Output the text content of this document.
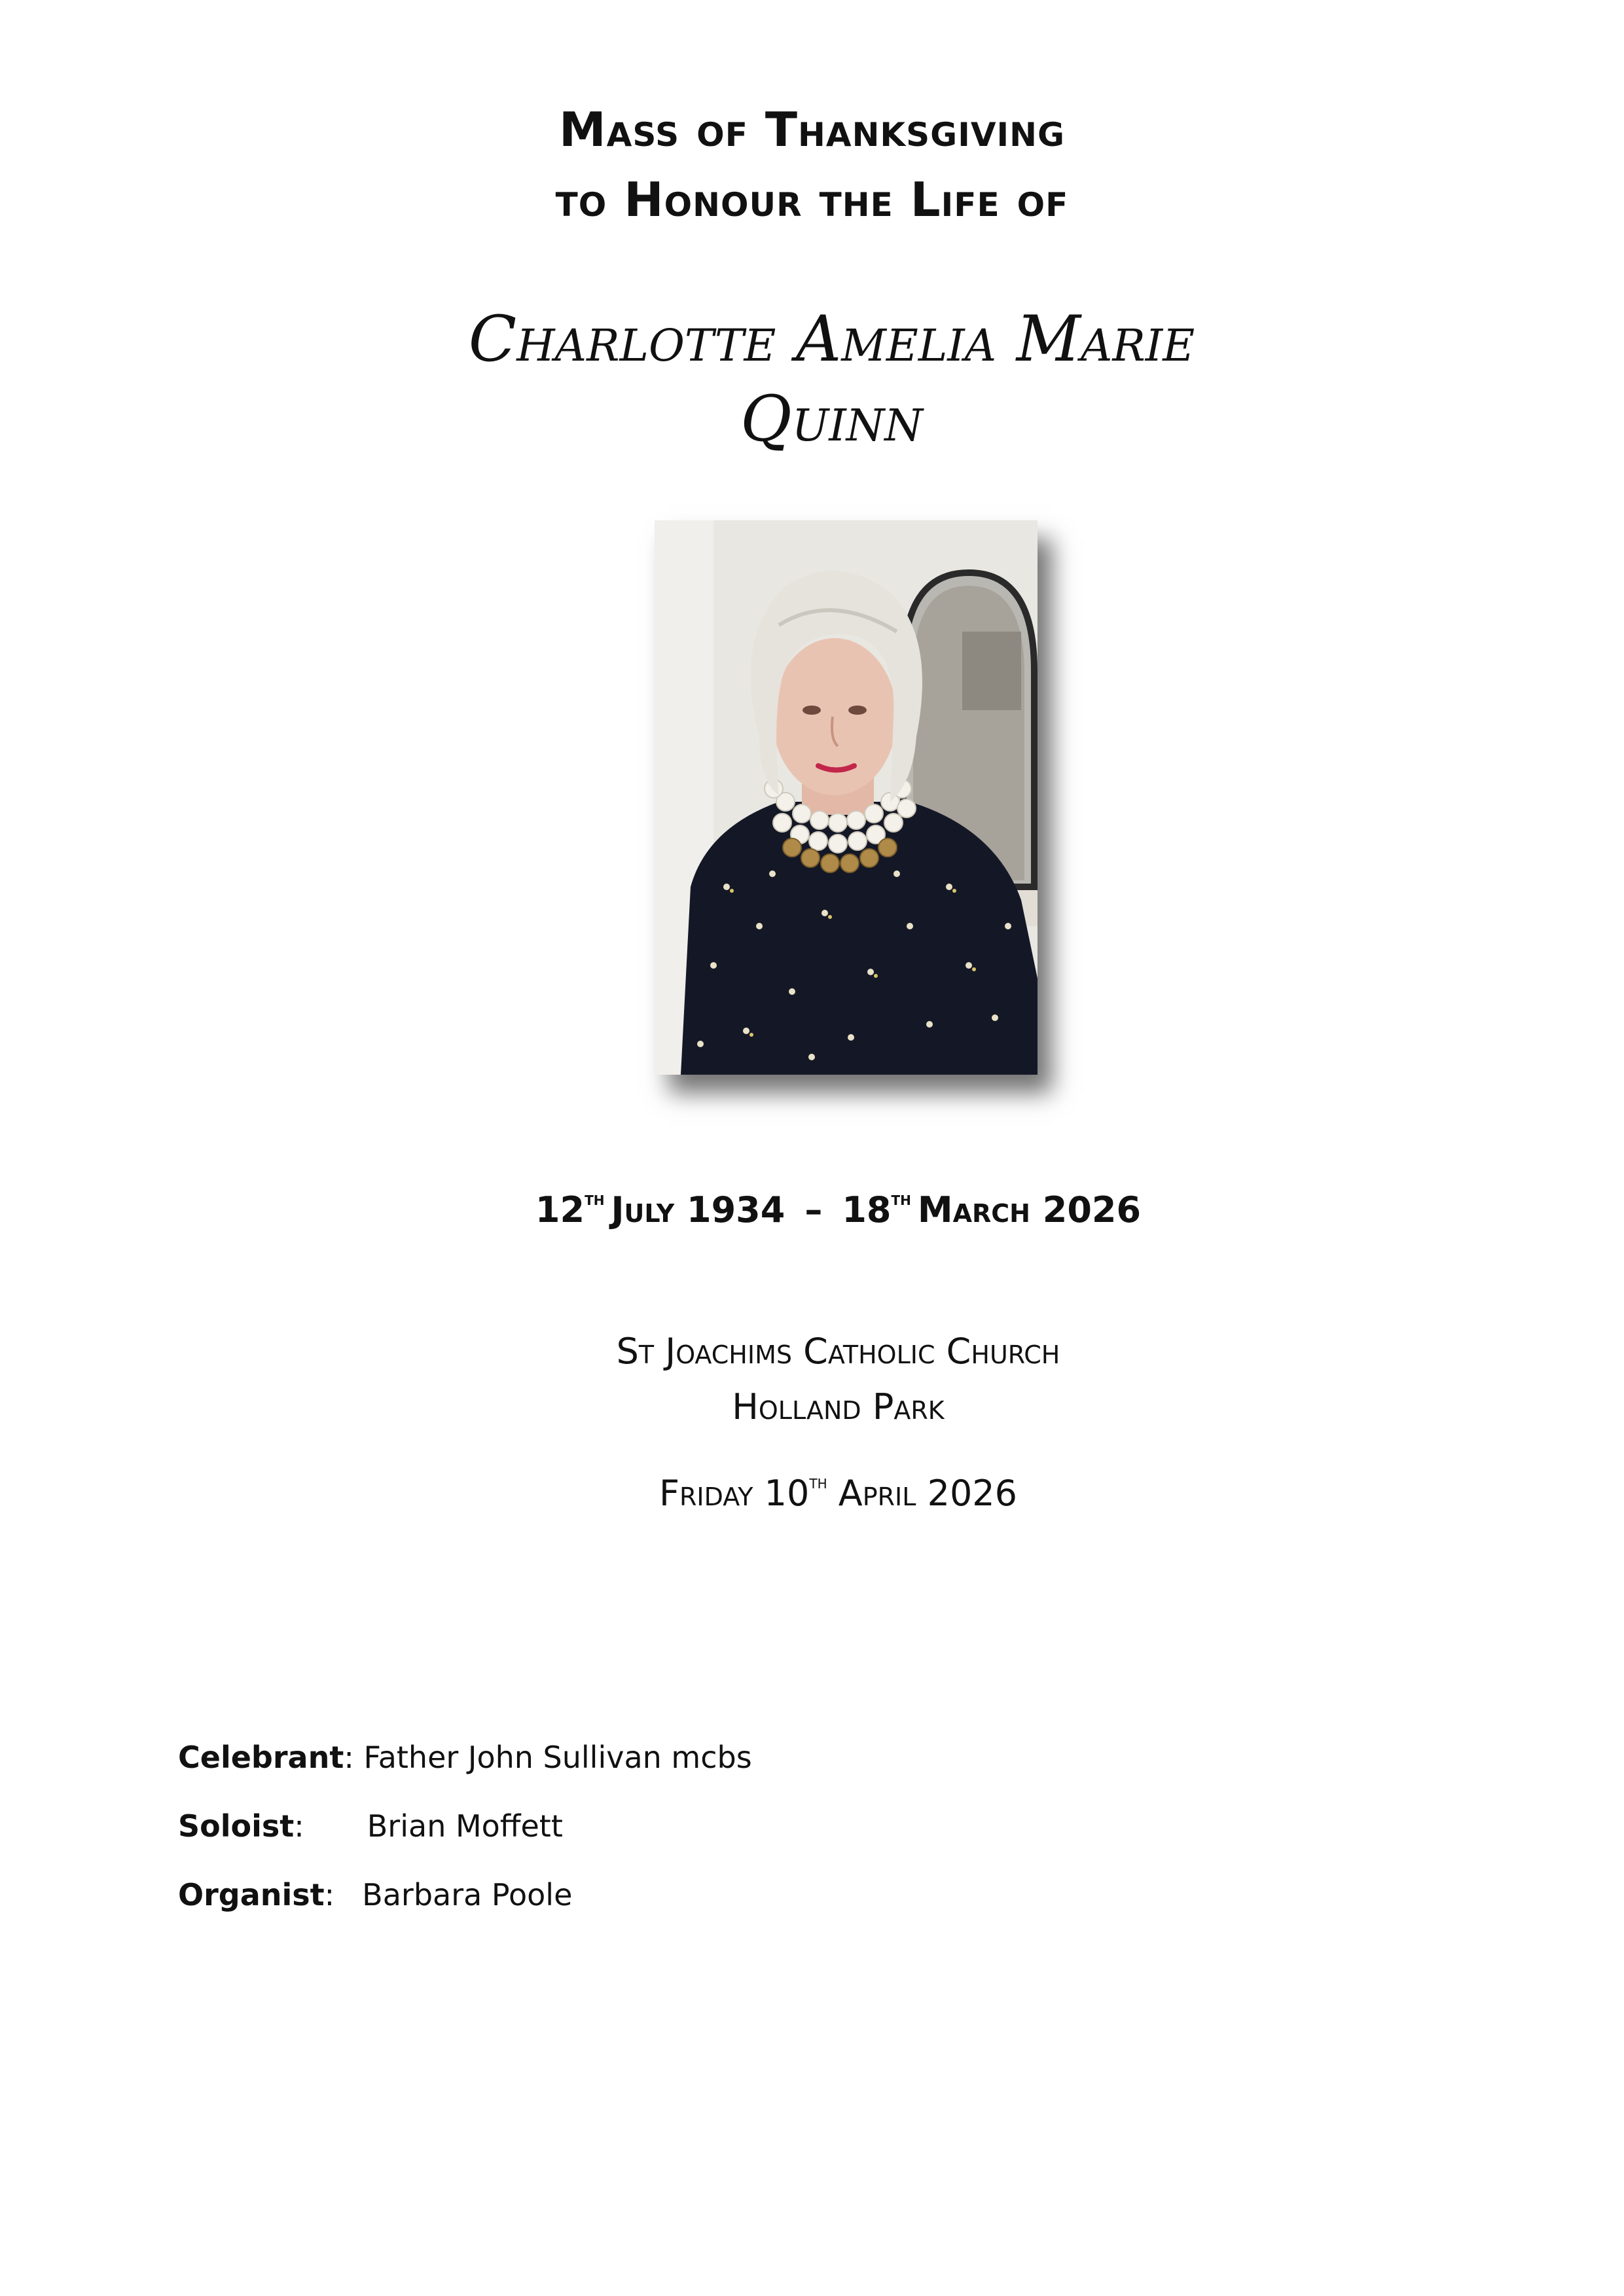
Mass of Thanksgiving
to Honour the Life of
Charlotte Amelia Marie
Quinn
12th July 1934 – 18th March 2026
St Joachims Catholic Church
Holland Park
Friday 10th April 2026
Celebrant: Father John Sullivan mcbs
Soloist: Brian Moffett
Organist: Barbara Poole
